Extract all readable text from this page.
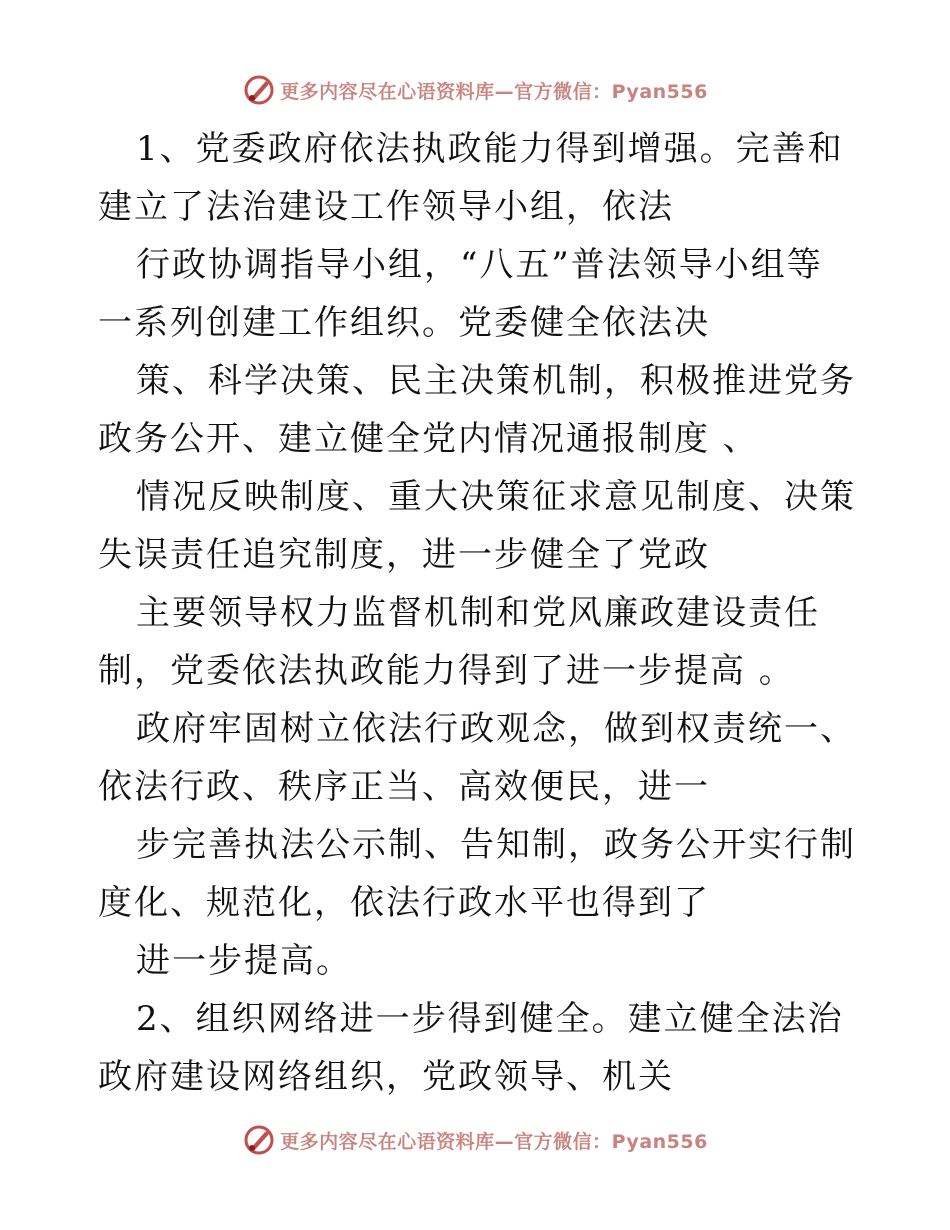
更多内容尽在心语资料库—官方微信：Pyan556

1、党委政府依法执政能力得到增强。完善和建立了法治建设工作领导小组，依法

行政协调指导小组，“八五”普法领导小组等一系列创建工作组织。党委健全依法决

策、科学决策、民主决策机制，积极推进党务政务公开、建立健全党内情况通报制度 、

情况反映制度、重大决策征求意见制度、决策失误责任追究制度，进一步健全了党政

主要领导权力监督机制和党风廉政建设责任制，党委依法执政能力得到了进一步提高 。

政府牢固树立依法行政观念，做到权责统一、依法行政、秩序正当、高效便民，进一

步完善执法公示制、告知制，政务公开实行制度化、规范化，依法行政水平也得到了

进一步提高。

2、组织网络进一步得到健全。建立健全法治政府建设网络组织，党政领导、机关

更多内容尽在心语资料库—官方微信：Pyan556
